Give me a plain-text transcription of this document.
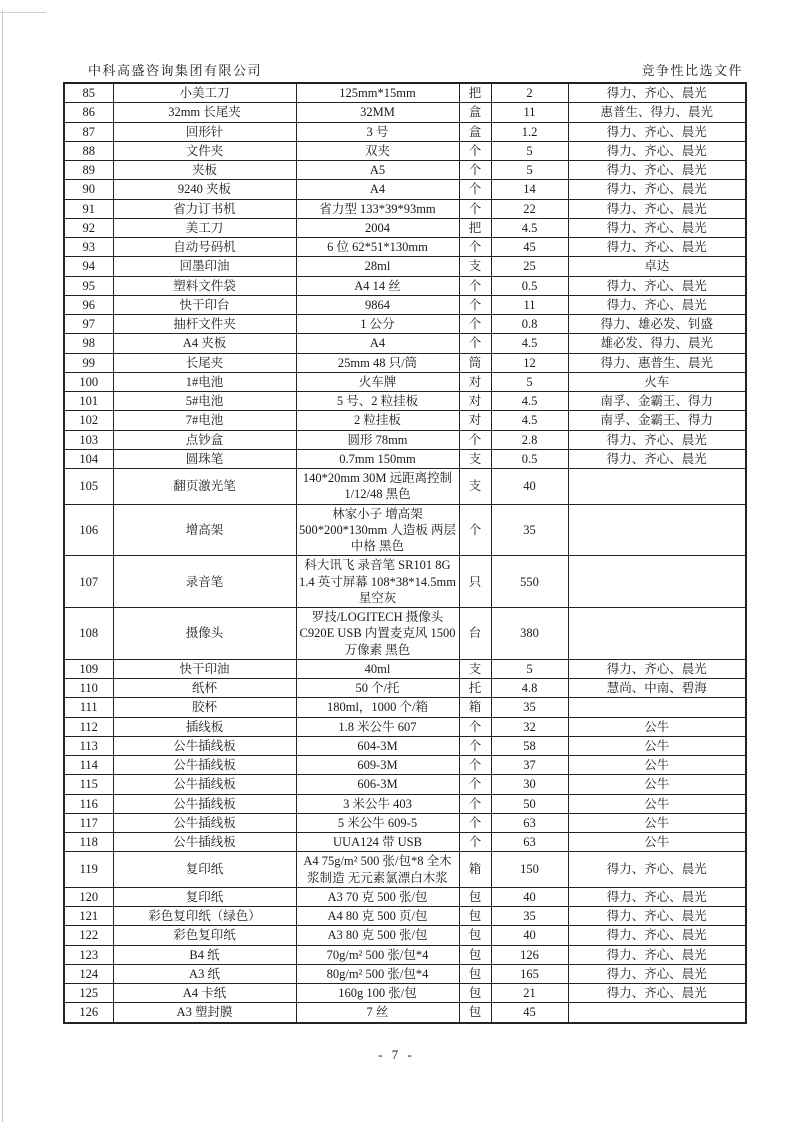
中科高盛咨询集团有限公司	竞争性比选文件
85	小美工刀	125mm*15mm	把	2	得力、齐心、晨光
86	32mm 长尾夹	32MM	盒	11	惠普生、得力、晨光
87	回形针	3 号	盒	1.2	得力、齐心、晨光
88	文件夹	双夹	个	5	得力、齐心、晨光
89	夹板	A5	个	5	得力、齐心、晨光
90	9240 夹板	A4	个	14	得力、齐心、晨光
91	省力订书机	省力型 133*39*93mm	个	22	得力、齐心、晨光
92	美工刀	2004	把	4.5	得力、齐心、晨光
93	自动号码机	6 位 62*51*130mm	个	45	得力、齐心、晨光
94	回墨印油	28ml	支	25	卓达
95	塑料文件袋	A4 14 丝	个	0.5	得力、齐心、晨光
96	快干印台	9864	个	11	得力、齐心、晨光
97	抽杆文件夹	1 公分	个	0.8	得力、雄必发、钊盛
98	A4 夹板	A4	个	4.5	雄必发、得力、晨光
99	长尾夹	25mm 48 只/筒	筒	12	得力、惠普生、晨光
100	1#电池	火车牌	对	5	火车
101	5#电池	5 号、2 粒挂板	对	4.5	南孚、金霸王、得力
102	7#电池	2 粒挂板	对	4.5	南孚、金霸王、得力
103	点钞盒	圆形 78mm	个	2.8	得力、齐心、晨光
104	圆珠笔	0.7mm 150mm	支	0.5	得力、齐心、晨光
105	翻页激光笔	140*20mm 30M 远距离控制 1/12/48 黑色	支	40	
106	增高架	林家小子 增高架 500*200*130mm 人造板 两层中格 黑色	个	35	
107	录音笔	科大讯飞 录音笔 SR101 8G 1.4 英寸屏幕 108*38*14.5mm 星空灰	只	550	
108	摄像头	罗技/LOGITECH 摄像头 C920E USB 内置麦克风 1500 万像素 黑色	台	380	
109	快干印油	40ml	支	5	得力、齐心、晨光
110	纸杯	50 个/托	托	4.8	慧尚、中南、碧海
111	胶杯	180ml，1000 个/箱	箱	35	
112	插线板	1.8 米公牛 607	个	32	公牛
113	公牛插线板	604-3M	个	58	公牛
114	公牛插线板	609-3M	个	37	公牛
115	公牛插线板	606-3M	个	30	公牛
116	公牛插线板	3 米公牛 403	个	50	公牛
117	公牛插线板	5 米公牛 609-5	个	63	公牛
118	公牛插线板	UUA124 带 USB	个	63	公牛
119	复印纸	A4 75g/m² 500 张/包*8 全木浆制造 无元素氯漂白木浆	箱	150	得力、齐心、晨光
120	复印纸	A3 70 克 500 张/包	包	40	得力、齐心、晨光
121	彩色复印纸（绿色）	A4 80 克 500 页/包	包	35	得力、齐心、晨光
122	彩色复印纸	A3 80 克 500 张/包	包	40	得力、齐心、晨光
123	B4 纸	70g/m² 500 张/包*4	包	126	得力、齐心、晨光
124	A3 纸	80g/m² 500 张/包*4	包	165	得力、齐心、晨光
125	A4 卡纸	160g 100 张/包	包	21	得力、齐心、晨光
126	A3 塑封膜	7 丝	包	45	
- 7 -
